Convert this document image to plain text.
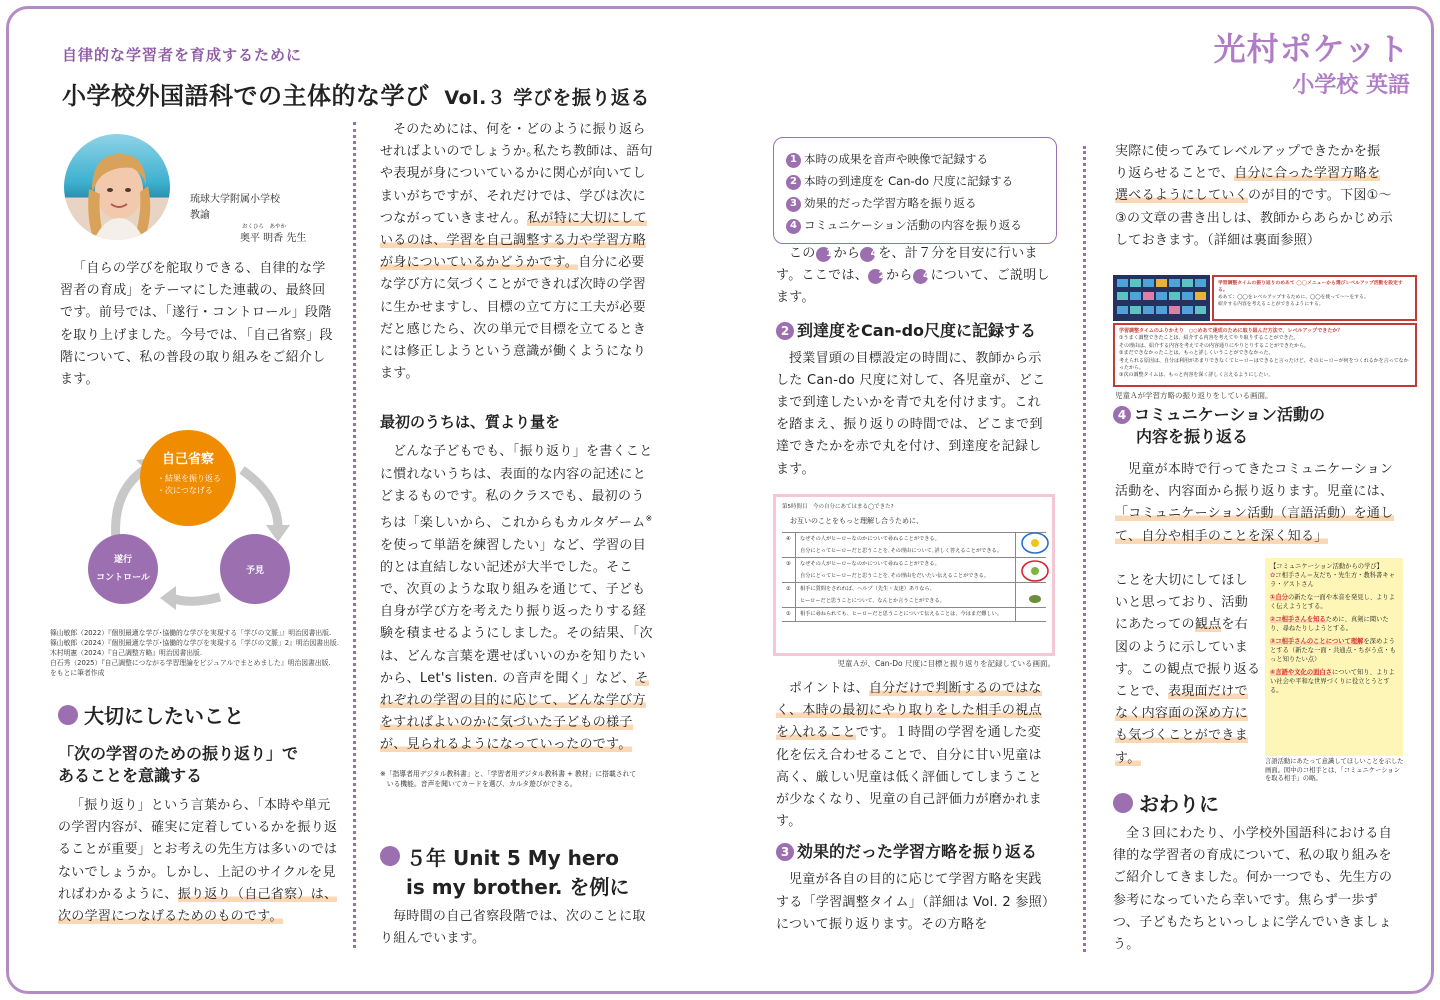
自律的な学習者を育成するために
小学校外国語科での主体的な学び Vol.３ 学びを振り返る
光村ポケット
小学校 英語
琉球大学附属小学校
教諭
おくひら　あやか
奥平 明香 先生

「自らの学びを舵取りできる、自律的な学習者の育成」をテーマにした連載の、最終回です。前号では、「遂行・コントロール」段階を取り上げました。今号では､「自己省察」段階について、私の普段の取り組みをご紹介します。

自己省察
・結果を振り返る
・次につなげる
遂行
コントロール
予見
篠山敏郎（2022）『個別最適な学び･協働的な学びを実現する「学びの文脈」』明治図書出版.
篠山敏郎（2024）『個別最適な学び･協働的な学びを実現する「学びの文脈」2』明治図書出版.
木村明憲（2024）『自己調整方略』明治図書出版.
白石秀（2025）『自己調整につながる学習理論をビジュアルでまとめました』明治図書出版.
をもとに筆者作成
大切にしたいこと
「次の学習のための振り返り」で
あることを意識する

「振り返り」という言葉から、「本時や単元の学習内容が、確実に定着しているかを振り返ることが重要」とお考えの先生方は多いのではないでしょうか。しかし、上記のサイクルを見ればわかるように、振り返り（自己省察）は、次の学習につなげるためのものです。

そのためには、何を・どのように振り返らせればよいのでしょうか｡私たち教師は、語句や表現が身についているかに関心が向いてしまいがちですが、それだけでは、学びは次につながっていきません。私が特に大切にしているのは、学習を自己調整する力や学習方略が身についているかどうかです。自分に必要な学び方に気づくことができれば次時の学習に生かせますし、目標の立て方に工夫が必要だと感じたら、次の単元で目標を立てるときには修正しようという意識が働くようになります。

最初のうちは、質より量を

どんな子どもでも、「振り返り」を書くことに慣れないうちは、表面的な内容の記述にとどまるものです。私のクラスでも、最初のうちは「楽しいから、これからもカルタゲーム※を使って単語を練習したい」など、学習の目的とは直結しない記述が大半でした。そこで、次頁のような取り組みを通じて、子ども自身が学び方を考えたり振り返ったりする経験を積ませるようにしました。その結果、「次は、どんな言葉を選せばいいのかを知りたいから、Let's listen. の音声を聞く」など、それぞれの学習の目的に応じて、どんな学び方をすればよいのかに気づいた子どもの様子が、見られるようになっていったのです。

※「指導者用デジタル教科書」と、「学習者用デジタル教科書 + 教材」に搭載されて
　いる機能。音声を聞いてカードを選び、カルタ遊びができる。
５年 Unit 5 My hero
is my brother. を例に

毎時間の自己省察段階では、次のことに取り組んでいます。

1 本時の成果を音声や映像で記録する
2 本時の到達度を Can-do 尺度に記録する
3 効果的だった学習方略を振り返る
4 コミュニケーション活動の内容を振り返る

この 1から 4を、計７分を目安に行います。ここでは、 2から 4について、ご説明します。

2 到達度をCan-do尺度に記録する

授業冒頭の目標設定の時間に、教師から示した Can-do 尺度に対して、各児童が、どこまで到達したいかを青で丸を付けます。これを踏まえ、振り返りの時間では、どこまで到達できたかを赤で丸を付け、到達度を記録します。

第5時間目　今の自分にあてはまる◯できた?
お互いのことをもっと理解し合うために、
④	なぜその人がヒーローなのかについて尋ねることができる。
自分にとってヒーローだと思うことを､その理由について､詳しく答えることができる。
③	なぜその人がヒーローなのかについて尋ねることができる。
自分にとってヒーローだと思うことを､その理由をだいたい伝えることができる。
②	相手に質問をされれば、ヘルプ（先生・友達）ありなら、
ヒーローだと思うことについて、なんとか言うことができる。
①	相手に尋ねられても、ヒーローだと思うことについて伝えることは、今はまだ難しい。
児童Ａが、Can-Do 尺度に目標と振り返りを記録している画面。

ポイントは、自分だけで判断するのではなく、本時の最初にやり取りをした相手の視点を入れることです。１時間の学習を通した変化を伝え合わせることで、自分に甘い児童は高く、厳しい児童は低く評価してしまうことが少なくなり、児童の自己評価力が磨かれます。

3 効果的だった学習方略を振り返る

児童が各自の目的に応じて学習方略を実践する「学習調整タイム」（詳細は Vol. 2 参照）について振り返ります。その方略を

実際に使ってみてレベルアップできたかを振り返らせることで、自分に合った学習方略を選べるようにしていくのが目的です。下図①〜③の文章の書き出しは、教師からあらかじめ示しておきます。（詳細は裏面参照）

学習調整タイムの振り返りのめあて ◯◯メニューから選びレベルアップ活動を設定する。
めあて：◯◯をレベルアップするために、◯◯を使って～～をする。
紹介する内容を考えることができるようにする。
学習調整タイムのふりかえり　○○めあて達成のために取り組んだ方法で、レベルアップできたか？
①うまく調整できたことは、紹介する内容を考えてやり取りすることができた。
その理由は、紹介する内容を考えてその内容通りにやりとりすることができたから。
②まだできなかったことは、もっと詳しくいうことができなかった。
考えられる原因は、自分は利用があまりできなくてヒーローはできると言ったけど、そのヒーローが何をつくれるかを言ってなかったから。
③次の調整タイムは、もっと内容を深く詳しく言えるようにしたい。
児童Ａが学習方略の振り返りをしている画面。
4 コミュニケーション活動の
内容を振り返る

児童が本時で行ってきたコミュニケーション活動を、内容面から振り返ります。児童には、「コミュニケーション活動（言語活動）を通して、自分や相手のことを深く知る」

ことを大切にしてほしいと思っており、活動にあたっての観点を右図のように示しています。この観点で振り返ることで、表現面だけでなく内容面の深め方にも気づくことができます。

【コミュニケーション活動からの学び】
✿コ相手さん＝友だち・先生方・教科書キャラ・ゲストさん
①自分の新たな一面や本音を発見し、よりよく伝えようとする。
②コ相手さんを知るために、真剣に聞いたり、尋ねたりしようとする。
③コ相手さんのことについて理解を深めようとする（新たな一面・共通点・ちがう点・もっと知りたい点）
④言語や文化の面白さについて知り、よりよい社会や平和な世界づくりに役立とうとする。
言語活動にあたって意識してほしいことを示した画面。図中のコ相手とは、「コミュニケーションを取る相手」の略。
おわりに

全３回にわたり、小学校外国語科における自律的な学習者の育成について、私の取り組みをご紹介してきました。何か一つでも、先生方の参考になっていたら幸いです。焦らず一歩ずつ、子どもたちといっしょに学んでいきましょう。
